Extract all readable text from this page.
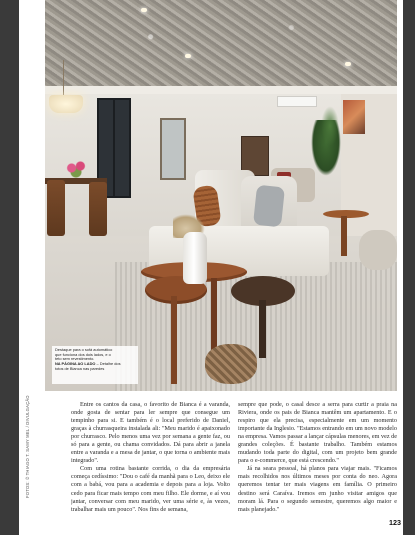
FOTOS: © THIAGO T. SAMY MEL / DIVULGAÇÃO
Destaque para o sofá automático
que funciona dos dois lados, e o
teto sem revestimento.
NA PÁGINA AO LADO – Detalhe dos
totos de Bianca nas paredes

Entre os cantos da casa, o favorito de Bianca é a varanda, onde gosta de sentar para ler sempre que consegue um tempinho para si. E também é o local preferido de Daniel, graças à churrasqueira instalada ali: "Meu marido é apaixonado por churrasco. Pelo menos uma vez por semana a gente faz, ou só para a gente, ou chama convidados. Dá para abrir a janela entre a varanda e a mesa de jantar, o que torna o ambiente mais integrado".

Com uma rotina bastante corrida, o dia da empresária começa cedíssimo: "Dou o café da manhã para o Leo, deixo ele com a babá, vou para a academia e depois para a loja. Volto cedo para ficar mais tempo com meu filho. Ele dorme, e aí vou jantar, conversar com meu marido, ver uma série e, às vezes, trabalhar mais um pouco". Nos fins de semana,

sempre que pode, o casal desce a serra para curtir a praia na Riviera, onde os pais de Bianca mantêm um apartamento. E o respiro que ela precisa, especialmente em um momento importante da Inglesio. "Estamos entrando em um novo modelo na empresa. Vamos passar a lançar cápsulas menores, em vez de grandes coleções. É bastante trabalho. Também estamos mudando toda parte do digital, com um projeto bem grande para o e-commerce, que está crescendo."

Já na seara pessoal, há planos para viajar mais. "Ficamos mais recolhidos nos últimos meses por conta do neo. Agora queremos tentar ter mais viagens em família. O primeiro destino será Caraíva. Iremos em junho visitar amigos que moram lá. Para o segundo semestre, queremos algo maior e mais planejado."

123
